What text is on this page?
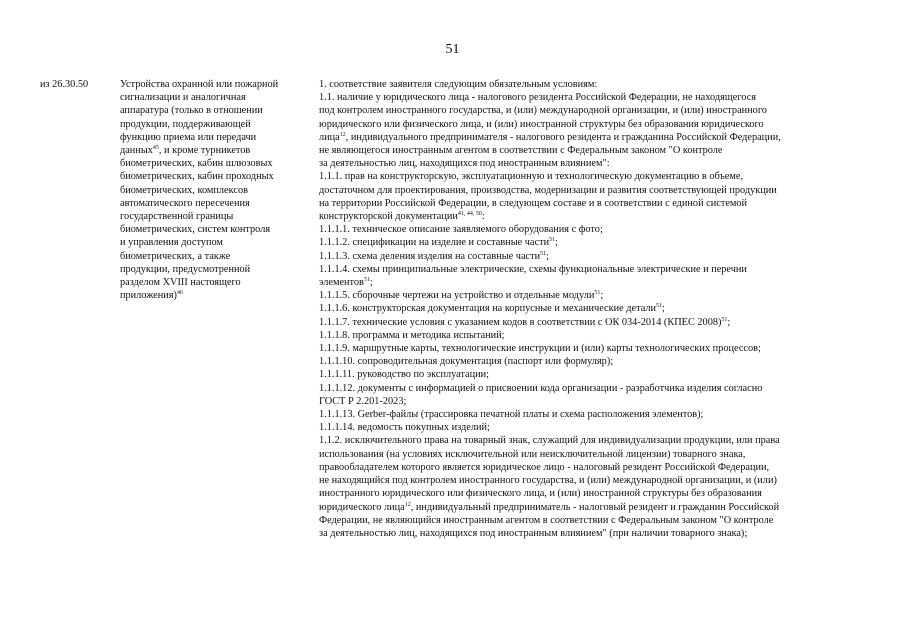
51
из 26.30.50	Устройства охранной или пожарной
сигнализации и аналогичная
аппаратура (только в отношении
продукции, поддерживающей
функцию приема или передачи
данных$^{45}$, и кроме турникетов
биометрических, кабин шлюзовых
биометрических, кабин проходных
биометрических, комплексов
автоматического пересечения
государственной границы
биометрических, систем контроля
и управления доступом
биометрических, а также
продукции, предусмотренной
разделом XVIII настоящего
приложения)$^{46}$
1. соответствие заявителя следующим обязательным условиям:
1.1. наличие у юридического лица - налогового резидента Российской Федерации, не находящегося
под контролем иностранного государства, и (или) международной организации, и (или) иностранного
юридического или физического лица, и (или) иностранной структуры без образования юридического
лица$^{12}$, индивидуального предпринимателя - налогового резидента и гражданина Российской Федерации,
не являющегося иностранным агентом в соответствии с Федеральным законом "О контроле
за деятельностью лиц, находящихся под иностранным влиянием":
1.1.1. прав на конструкторскую, эксплуатационную и технологическую документацию в объеме,
достаточном для проектирования, производства, модернизации и развития соответствующей продукции
на территории Российской Федерации, в следующем составе и в соответствии с единой системой
конструкторской документации$^{41, 44, 50}$:
1.1.1.1. техническое описание заявляемого оборудования с фото;
1.1.1.2. спецификации на изделие и составные части$^{51}$;
1.1.1.3. схема деления изделия на составные части$^{51}$;
1.1.1.4. схемы принципиальные электрические, схемы функциональные электрические и перечни
элементов$^{51}$;
1.1.1.5. сборочные чертежи на устройство и отдельные модули$^{51}$;
1.1.1.6. конструкторская документация на корпусные и механические детали$^{51}$;
1.1.1.7. технические условия с указанием кодов в соответствии с ОК 034-2014 (КПЕС 2008)$^{51}$;
1.1.1.8. программа и методика испытаний;
1.1.1.9. маршрутные карты, технологические инструкции и (или) карты технологических процессов;
1.1.1.10. сопроводительная документация (паспорт или формуляр);
1.1.1.11. руководство по эксплуатации;
1.1.1.12. документы с информацией о присвоении кода организации - разработчика изделия согласно
ГОСТ Р 2.201-2023;
1.1.1.13. Gerber-файлы (трассировка печатной платы и схема расположения элементов);
1.1.1.14. ведомость покупных изделий;
1.1.2. исключительного права на товарный знак, служащий для индивидуализации продукции, или права
использования (на условиях исключительной или неисключительной лицензии) товарного знака,
правообладателем которого является юридическое лицо - налоговый резидент Российской Федерации,
не находящийся под контролем иностранного государства, и (или) международной организации, и (или)
иностранного юридического или физического лица, и (или) иностранной структуры без образования
юридического лица$^{12}$, индивидуальный предприниматель - налоговый резидент и гражданин Российской
Федерации, не являющийся иностранным агентом в соответствии с Федеральным законом "О контроле
за деятельностью лиц, находящихся под иностранным влиянием" (при наличии товарного знака);
